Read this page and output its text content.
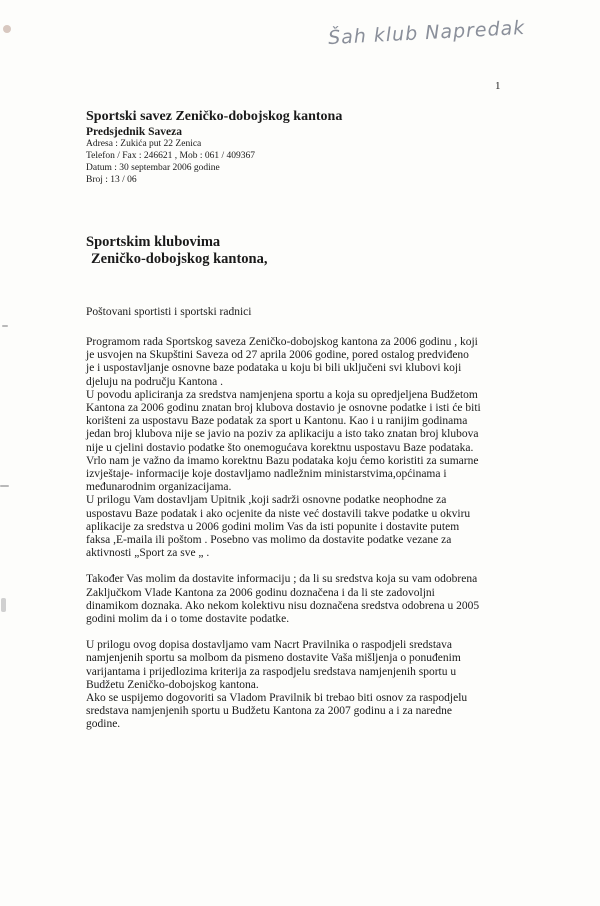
Šah klub Napredak
1
Sportski savez Zeničko-dobojskog kantona
Predsjednik Saveza
Adresa : Zukića put 22 Zenica
Telefon / Fax : 246621 , Mob : 061 / 409367
Datum : 30 septembar 2006 godine
Broj : 13 / 06
Sportskim klubovima
Zeničko-dobojskog kantona,
Poštovani sportisti i sportski radnici
Programom rada Sportskog saveza Zeničko-dobojskog kantona za 2006 godinu , koji
je usvojen na Skupštini Saveza od 27 aprila 2006 godine, pored ostalog predviđeno
je i uspostavljanje osnovne baze podataka u koju bi bili uključeni svi klubovi koji
djeluju na području Kantona .
U povodu apliciranja za sredstva namjenjena sportu a koja su opredjeljena Budžetom
Kantona za 2006 godinu znatan broj klubova dostavio je osnovne podatke i isti će biti
korišteni za uspostavu Baze podatak za sport u Kantonu. Kao i u ranijim godinama
jedan broj klubova nije se javio na poziv za aplikaciju a isto tako znatan broj klubova
nije u cjelini dostavio podatke što onemogućava korektnu uspostavu Baze podataka.
Vrlo nam je važno da imamo korektnu Bazu podataka koju ćemo koristiti za sumarne
izvještaje- informacije koje dostavljamo nadležnim ministarstvima,općinama i
međunarodnim organizacijama.
U prilogu Vam dostavljam Upitnik ,koji sadrži osnovne podatke neophodne za
uspostavu Baze podatak i ako ocjenite da niste već dostavili takve podatke u okviru
aplikacije za sredstva u 2006 godini molim Vas da isti popunite i dostavite putem
faksa ,E-maila ili poštom . Posebno vas molimo da dostavite podatke vezane za
aktivnosti „Sport za sve „ .
Također Vas molim da dostavite informaciju ; da li su sredstva koja su vam odobrena
Zaključkom Vlade Kantona za 2006 godinu doznačena i da li ste zadovoljni
dinamikom doznaka. Ako nekom kolektivu nisu doznačena sredstva odobrena u 2005
godini molim da i o tome dostavite podatke.
U prilogu ovog dopisa dostavljamo vam Nacrt Pravilnika o raspodjeli sredstava
namjenjenih sportu sa molbom da pismeno dostavite Vaša mišljenja o ponuđenim
varijantama i prijedlozima kriterija za raspodjelu sredstava namjenjenih sportu u
Budžetu Zeničko-dobojskog kantona.
Ako se uspijemo dogovoriti sa Vladom Pravilnik bi trebao biti osnov za raspodjelu
sredstava namjenjenih sportu u Budžetu Kantona za 2007 godinu a i za naredne
godine.
